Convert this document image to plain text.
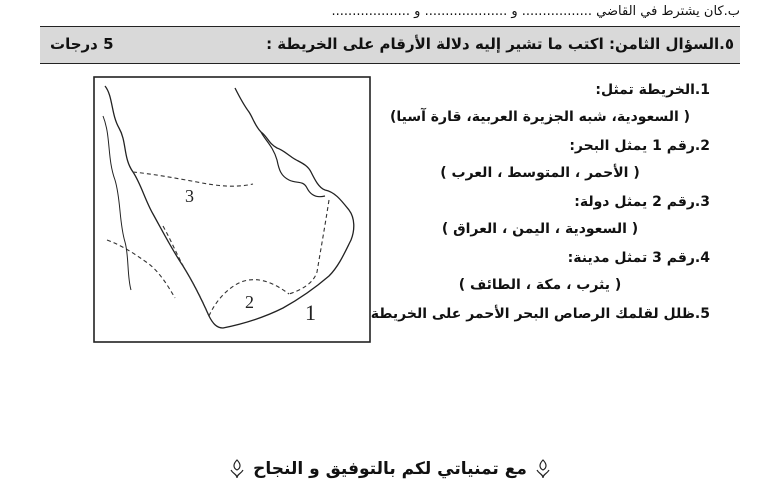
ب.كان يشترط في القاضي ................. و .................... و ...................
٥.السؤال الثامن: اكتب ما تشير إليه دلالة الأرقام على الخريطة :
5 درجات
3
2 1
1.الخريطة تمثل:
( السعودية، شبه الجزيرة العربية، قارة آسيا)
2.رقم 1 يمثل البحر:
( الأحمر ، المتوسط ، العرب )
3.رقم 2 يمثل دولة:
( السعودية ، اليمن ، العراق )
4.رقم 3 تمثل مدينة:
( يثرب ، مكة ، الطائف )
5.ظلل لقلمك الرصاص البحر الأحمر على الخريطة
مع تمنياتي لكم بالتوفيق و النجاح
